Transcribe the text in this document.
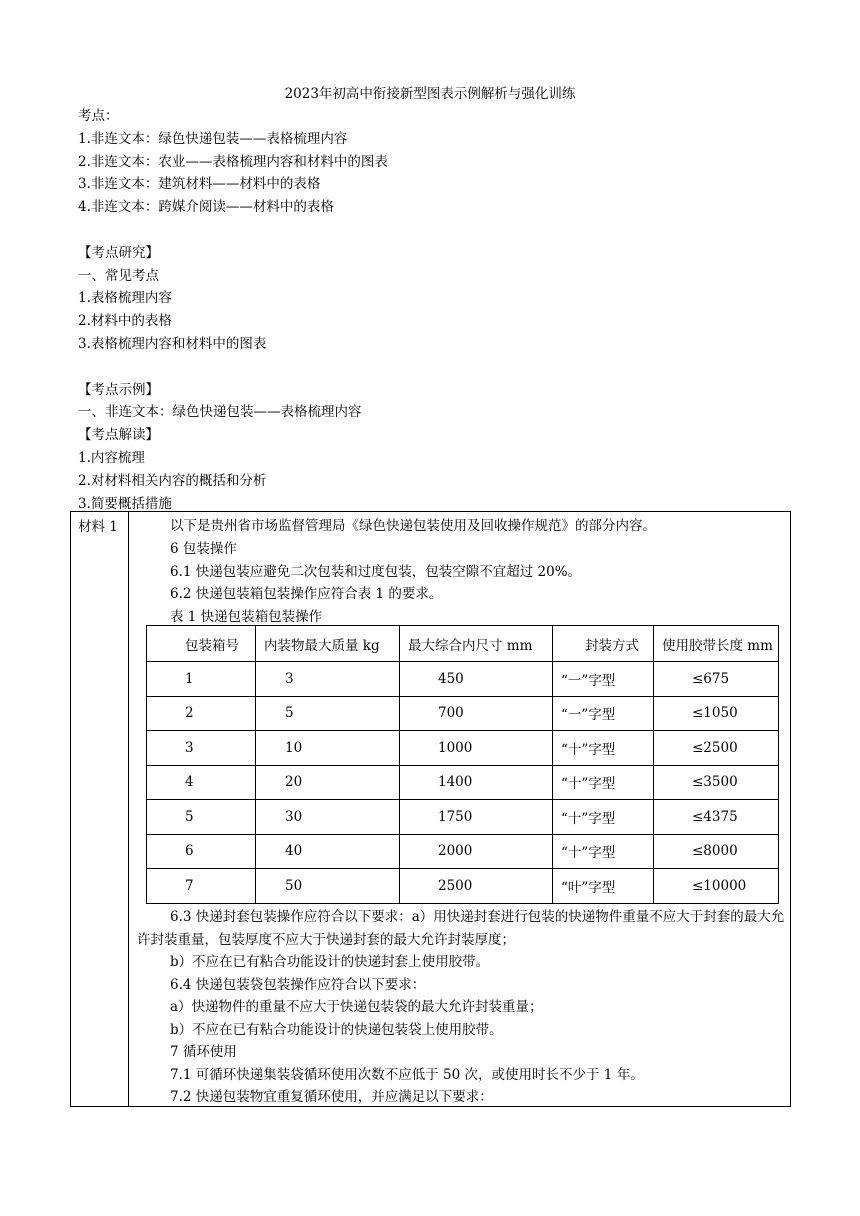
2023年初高中衔接新型图表示例解析与强化训练
考点：
1.非连文本：绿色快递包装——表格梳理内容
2.非连文本：农业——表格梳理内容和材料中的图表
3.非连文本：建筑材料——材料中的表格
4.非连文本：跨媒介阅读——材料中的表格
【考点研究】
一、常见考点
1.表格梳理内容
2.材料中的表格
3.表格梳理内容和材料中的图表
【考点示例】
一、非连文本：绿色快递包装——表格梳理内容
【考点解读】
1.内容梳理
2.对材料相关内容的概括和分析
3.简要概括措施
材料 1	以下是贵州省市场监督管理局《绿色快递包装使用及回收操作规范》的部分内容。
6 包装操作
6.1 快递包装应避免二次包装和过度包装，包装空隙不宜超过 20%。
6.2 快递包装箱包装操作应符合表 1 的要求。
表 1 快递包装箱包装操作
包装箱号	内装物最大质量 kg	最大综合内尺寸 mm	封装方式	使用胶带长度 mm
1	3	450	“一”字型	≤675
2	5	700	“一”字型	≤1050
3	10	1000	“十”字型	≤2500
4	20	1400	“十”字型	≤3500
5	30	1750	“十”字型	≤4375
6	40	2000	“十”字型	≤8000
7	50	2500	“叶”字型	≤10000
6.3 快递封套包装操作应符合以下要求：a）用快递封套进行包装的快递物件重量不应大于封套的最大允许封装重量，包装厚度不应大于快递封套的最大允许封装厚度；
b）不应在已有粘合功能设计的快递封套上使用胶带。
6.4 快递包装袋包装操作应符合以下要求：
a）快递物件的重量不应大于快递包装袋的最大允许封装重量；
b）不应在已有粘合功能设计的快递包装袋上使用胶带。
7 循环使用
7.1 可循环快递集装袋循环使用次数不应低于 50 次，或使用时长不少于 1 年。
7.2 快递包装物宜重复循环使用，并应满足以下要求：
